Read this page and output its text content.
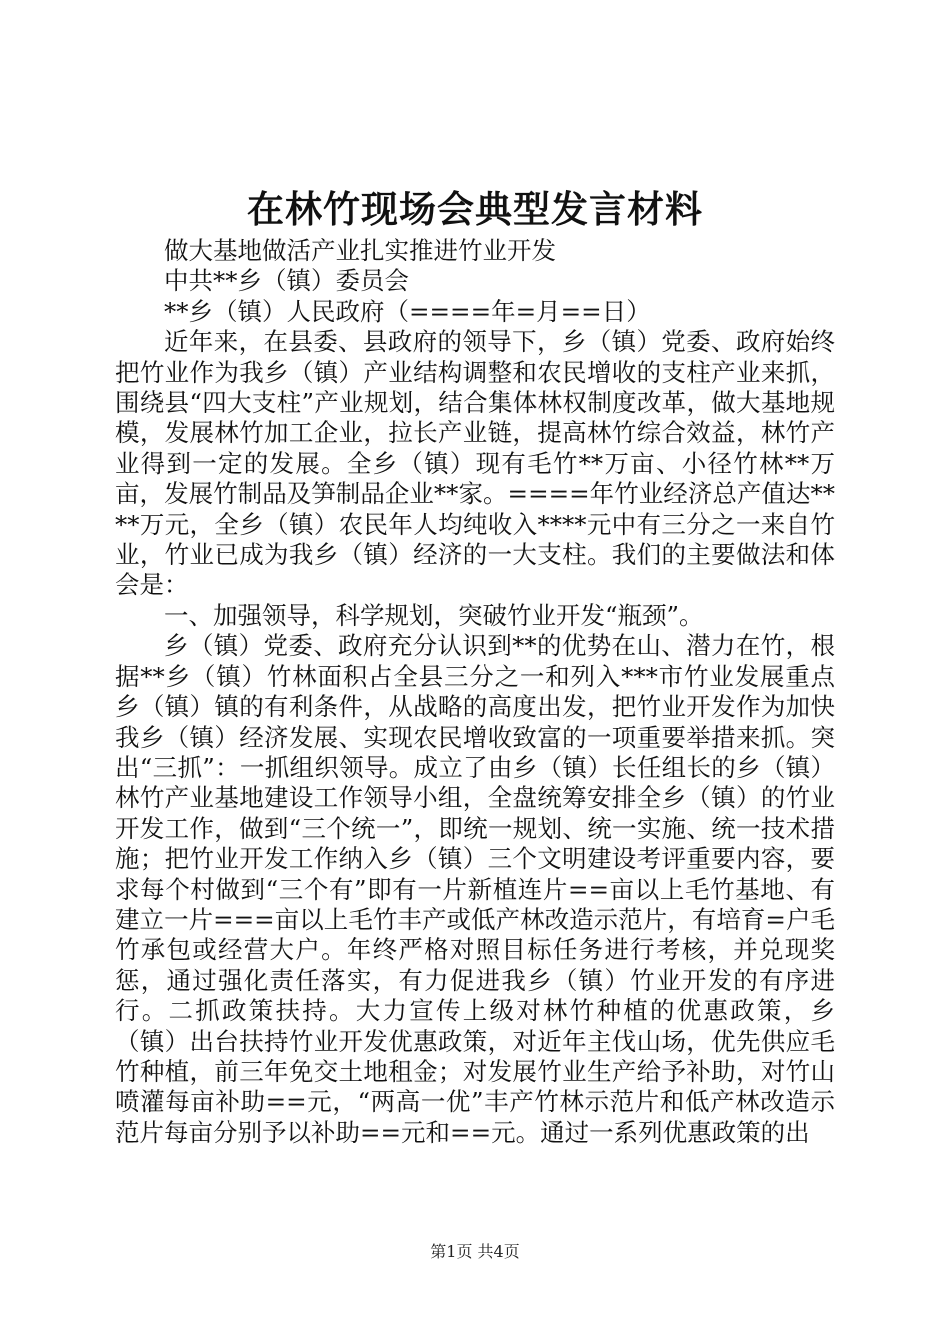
在林竹现场会典型发言材料

做大基地做活产业扎实推进竹业开发

中共**乡（镇）委员会

**乡（镇）人民政府（====年=月==日）

近年来，在县委、县政府的领导下，乡（镇）党委、政府始终把竹业作为我乡（镇）产业结构调整和农民增收的支柱产业来抓，围绕县“四大支柱”产业规划，结合集体林权制度改革，做大基地规模，发展林竹加工企业，拉长产业链，提高林竹综合效益，林竹产业得到一定的发展。全乡（镇）现有毛竹**万亩、小径竹林**万亩，发展竹制品及笋制品企业**家。====年竹业经济总产值达****万元，全乡（镇）农民年人均纯收入****元中有三分之一来自竹业，竹业已成为我乡（镇）经济的一大支柱。我们的主要做法和体会是：

一、加强领导，科学规划，突破竹业开发“瓶颈”。

乡（镇）党委、政府充分认识到**的优势在山、潜力在竹，根据**乡（镇）竹林面积占全县三分之一和列入***市竹业发展重点乡（镇）镇的有利条件，从战略的高度出发，把竹业开发作为加快我乡（镇）经济发展、实现农民增收致富的一项重要举措来抓。突出“三抓”：一抓组织领导。成立了由乡（镇）长任组长的乡（镇）林竹产业基地建设工作领导小组，全盘统筹安排全乡（镇）的竹业开发工作，做到“三个统一”，即统一规划、统一实施、统一技术措施；把竹业开发工作纳入乡（镇）三个文明建设考评重要内容，要求每个村做到“三个有”即有一片新植连片==亩以上毛竹基地、有建立一片===亩以上毛竹丰产或低产林改造示范片，有培育=户毛竹承包或经营大户。年终严格对照目标任务进行考核，并兑现奖惩，通过强化责任落实，有力促进我乡（镇）竹业开发的有序进行。二抓政策扶持。大力宣传上级对林竹种植的优惠政策，乡（镇）出台扶持竹业开发优惠政策，对近年主伐山场，优先供应毛竹种植，前三年免交土地租金；对发展竹业生产给予补助，对竹山喷灌每亩补助==元，“两高一优”丰产竹林示范片和低产林改造示范片每亩分别予以补助==元和==元。通过一系列优惠政策的出

第1页 共4页
